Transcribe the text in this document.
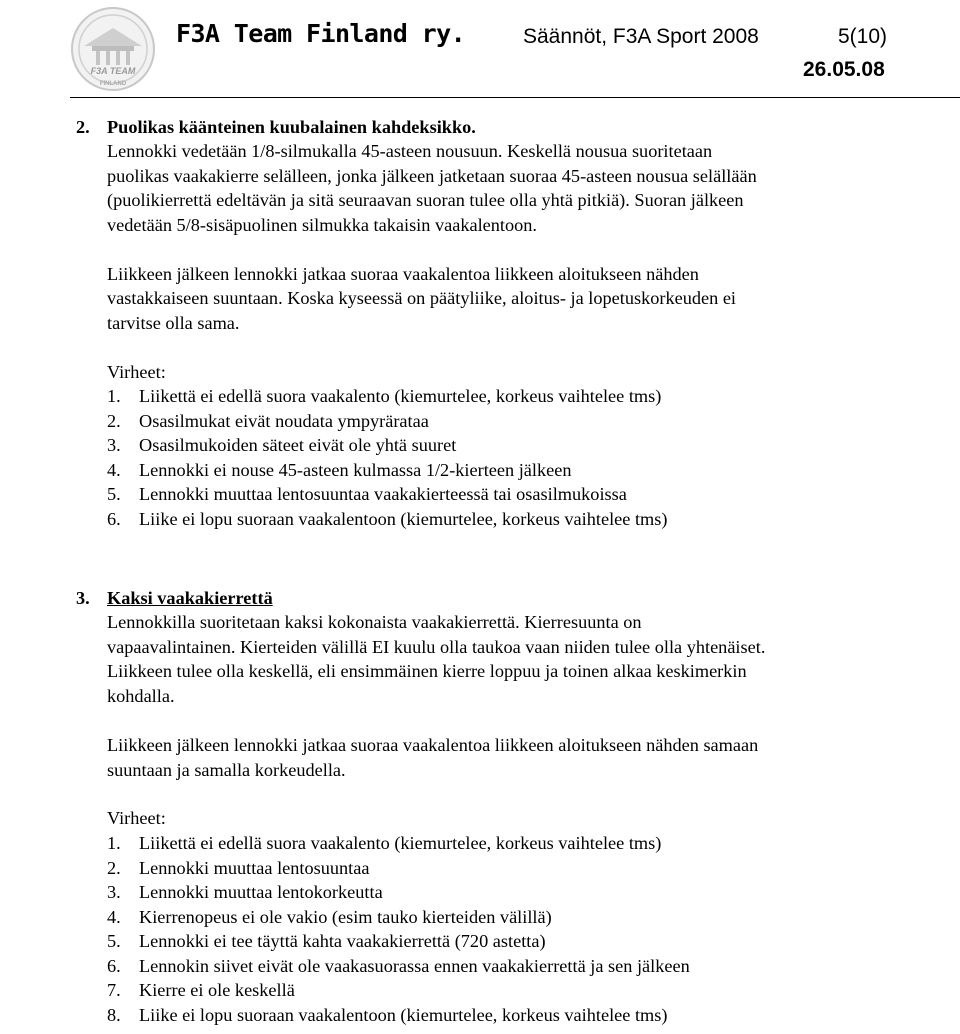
F3A TEAM
FINLAND
F3A Team Finland ry.	Säännöt, F3A Sport 2008	5(10)
26.05.08
2. Puolikas käänteinen kuubalainen kahdeksikko.
Lennokki vedetään 1/8-silmukalla 45-asteen nousuun. Keskellä nousua suoritetaan
puolikas vaakakierre selälleen, jonka jälkeen jatketaan suoraa 45-asteen nousua selällään
(puolikierrettä edeltävän ja sitä seuraavan suoran tulee olla yhtä pitkiä). Suoran jälkeen
vedetään 5/8-sisäpuolinen silmukka takaisin vaakalentoon.
Liikkeen jälkeen lennokki jatkaa suoraa vaakalentoa liikkeen aloitukseen nähden
vastakkaiseen suuntaan. Koska kyseessä on päätyliike, aloitus- ja lopetuskorkeuden ei
tarvitse olla sama.
Virheet:
1. Liikettä ei edellä suora vaakalento (kiemurtelee, korkeus vaihtelee tms)
2. Osasilmukat eivät noudata ympyrärataa
3. Osasilmukoiden säteet eivät ole yhtä suuret
4. Lennokki ei nouse 45-asteen kulmassa 1/2-kierteen jälkeen
5. Lennokki muuttaa lentosuuntaa vaakakierteessä tai osasilmukoissa
6. Liike ei lopu suoraan vaakalentoon (kiemurtelee, korkeus vaihtelee tms)
3. Kaksi vaakakierrettä
Lennokkilla suoritetaan kaksi kokonaista vaakakierrettä. Kierresuunta on
vapaavalintainen. Kierteiden välillä EI kuulu olla taukoa vaan niiden tulee olla yhtenäiset.
Liikkeen tulee olla keskellä, eli ensimmäinen kierre loppuu ja toinen alkaa keskimerkin
kohdalla.
Liikkeen jälkeen lennokki jatkaa suoraa vaakalentoa liikkeen aloitukseen nähden samaan
suuntaan ja samalla korkeudella.
Virheet:
1. Liikettä ei edellä suora vaakalento (kiemurtelee, korkeus vaihtelee tms)
2. Lennokki muuttaa lentosuuntaa
3. Lennokki muuttaa lentokorkeutta
4. Kierrenopeus ei ole vakio (esim tauko kierteiden välillä)
5. Lennokki ei tee täyttä kahta vaakakierrettä (720 astetta)
6. Lennokin siivet eivät ole vaakasuorassa ennen vaakakierrettä ja sen jälkeen
7. Kierre ei ole keskellä
8. Liike ei lopu suoraan vaakalentoon (kiemurtelee, korkeus vaihtelee tms)
